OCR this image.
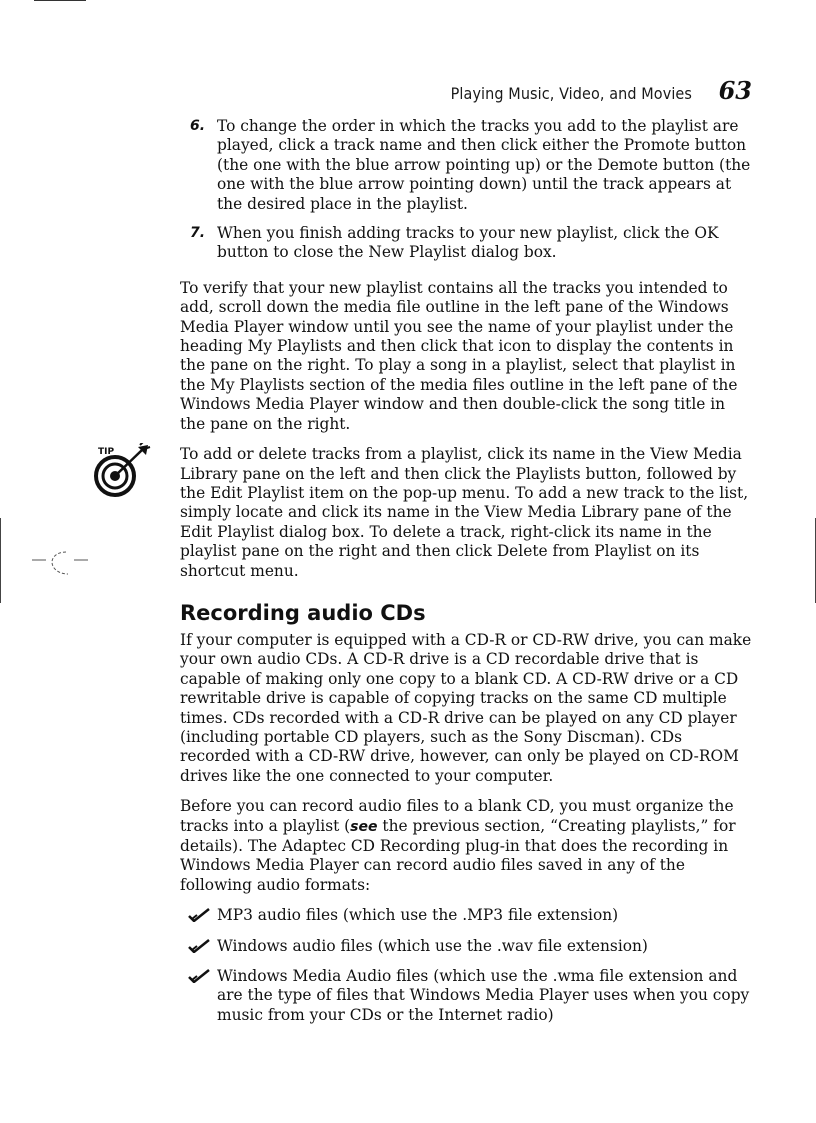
Playing Music, Video, and Movies 63
6. To change the order in which the tracks you add to the playlist are played, click a track name and then click either the Promote button (the one with the blue arrow pointing up) or the Demote button (the one with the blue arrow pointing down) until the track appears at the desired place in the playlist.
7. When you finish adding tracks to your new playlist, click the OK button to close the New Playlist dialog box.

To verify that your new playlist contains all the tracks you intended to add, scroll down the media file outline in the left pane of the Windows Media Player window until you see the name of your playlist under the heading My Playlists and then click that icon to display the contents in the pane on the right. To play a song in a playlist, select that playlist in the My Playlists section of the media files outline in the left pane of the Windows Media Player window and then double-click the song title in the pane on the right.

TIP	To add or delete tracks from a playlist, click its name in the View Media Library pane on the left and then click the Playlists button, followed by the Edit Playlist item on the pop-up menu. To add a new track to the list, simply locate and click its name in the View Media Library pane of the Edit Playlist dialog box. To delete a track, right-click its name in the playlist pane on the right and then click Delete from Playlist on its shortcut menu.

Recording audio CDs

If your computer is equipped with a CD-R or CD-RW drive, you can make your own audio CDs. A CD-R drive is a CD recordable drive that is capable of making only one copy to a blank CD. A CD-RW drive or a CD rewritable drive is capable of copying tracks on the same CD multiple times. CDs recorded with a CD-R drive can be played on any CD player (including portable CD players, such as the Sony Discman). CDs recorded with a CD-RW drive, however, can only be played on CD-ROM drives like the one connected to your computer.

Before you can record audio files to a blank CD, you must organize the tracks into a playlist (see the previous section, “Creating playlists,” for details). The Adaptec CD Recording plug-in that does the recording in Windows Media Player can record audio files saved in any of the following audio formats:

MP3 audio files (which use the .MP3 file extension)
Windows audio files (which use the .wav file extension)
Windows Media Audio files (which use the .wma file extension and are the type of files that Windows Media Player uses when you copy music from your CDs or the Internet radio)
